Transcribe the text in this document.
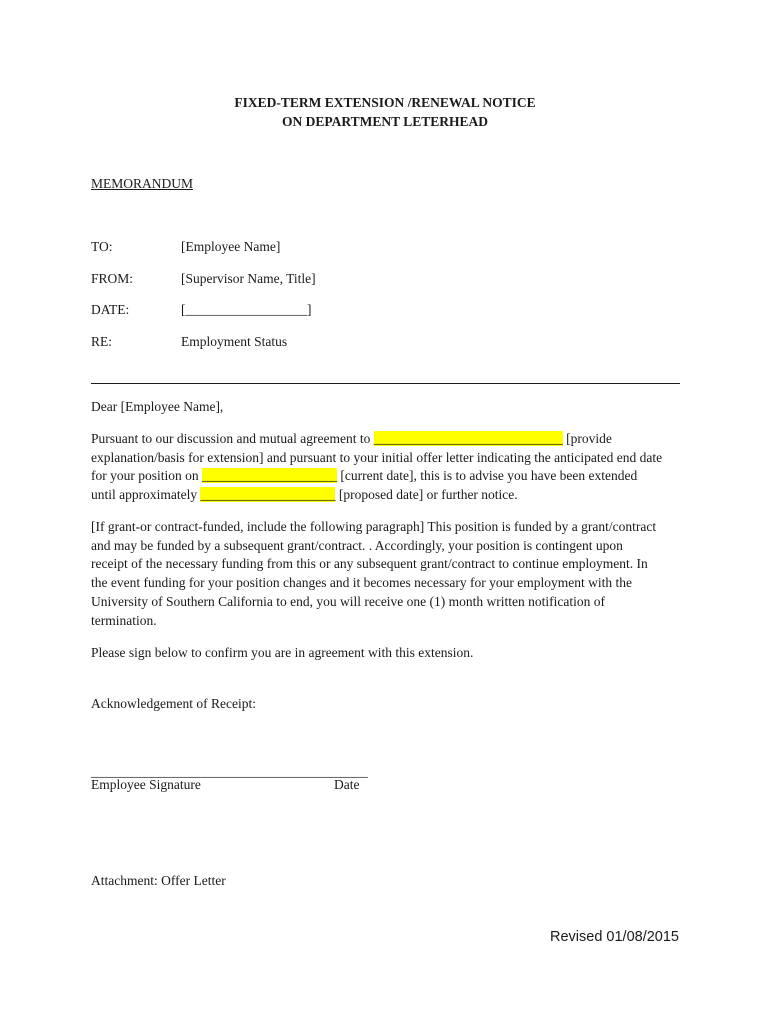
FIXED-TERM EXTENSION /RENEWAL NOTICE
ON DEPARTMENT LETERHEAD
MEMORANDUM
TO:	[Employee Name]
FROM:	[Supervisor Name, Title]
DATE:	[__________________]
RE:	Employment Status
Dear [Employee Name],
Pursuant to our discussion and mutual agreement to ____________________________ [provide
explanation/basis for extension] and pursuant to your initial offer letter indicating the anticipated end date
for your position on ____________________ [current date], this is to advise you have been extended
until approximately ____________________ [proposed date] or further notice.
[If grant-or contract-funded, include the following paragraph] This position is funded by a grant/contract
and may be funded by a subsequent grant/contract. . Accordingly, your position is contingent upon
receipt of the necessary funding from this or any subsequent grant/contract to continue employment. In
the event funding for your position changes and it becomes necessary for your employment with the
University of Southern California to end, you will receive one (1) month written notification of
termination.
Please sign below to confirm you are in agreement with this extension.
Acknowledgement of Receipt:
_________________________________________
Employee Signature	Date
Attachment: Offer Letter
Revised 01/08/2015
